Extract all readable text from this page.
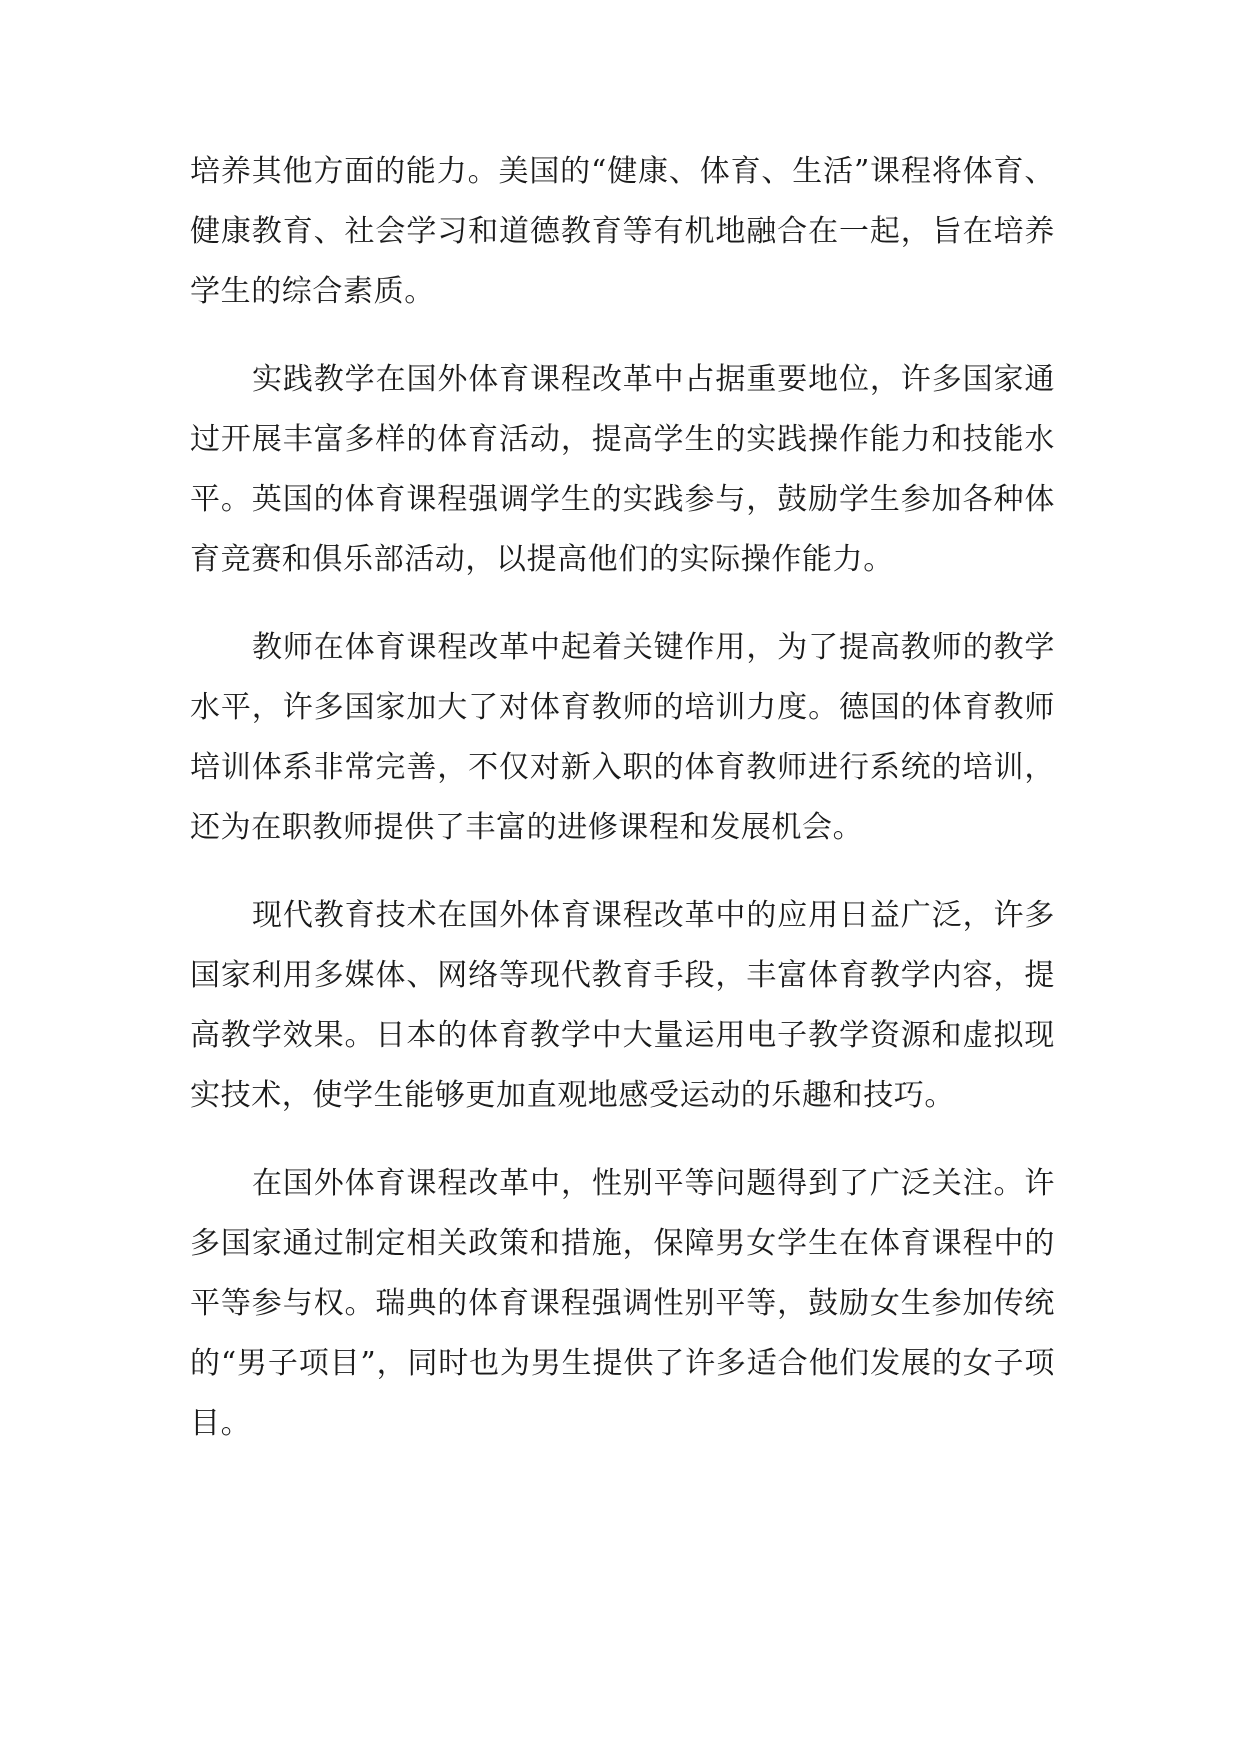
培养其他方面的能力。美国的“健康、体育、生活”课程将体育、健康教育、社会学习和道德教育等有机地融合在一起，旨在培养学生的综合素质。

实践教学在国外体育课程改革中占据重要地位，许多国家通过开展丰富多样的体育活动，提高学生的实践操作能力和技能水平。英国的体育课程强调学生的实践参与，鼓励学生参加各种体育竞赛和俱乐部活动，以提高他们的实际操作能力。

教师在体育课程改革中起着关键作用，为了提高教师的教学水平，许多国家加大了对体育教师的培训力度。德国的体育教师培训体系非常完善，不仅对新入职的体育教师进行系统的培训，还为在职教师提供了丰富的进修课程和发展机会。

现代教育技术在国外体育课程改革中的应用日益广泛，许多国家利用多媒体、网络等现代教育手段，丰富体育教学内容，提高教学效果。日本的体育教学中大量运用电子教学资源和虚拟现实技术，使学生能够更加直观地感受运动的乐趣和技巧。

在国外体育课程改革中，性别平等问题得到了广泛关注。许多国家通过制定相关政策和措施，保障男女学生在体育课程中的平等参与权。瑞典的体育课程强调性别平等，鼓励女生参加传统的“男子项目”，同时也为男生提供了许多适合他们发展的女子项目。
